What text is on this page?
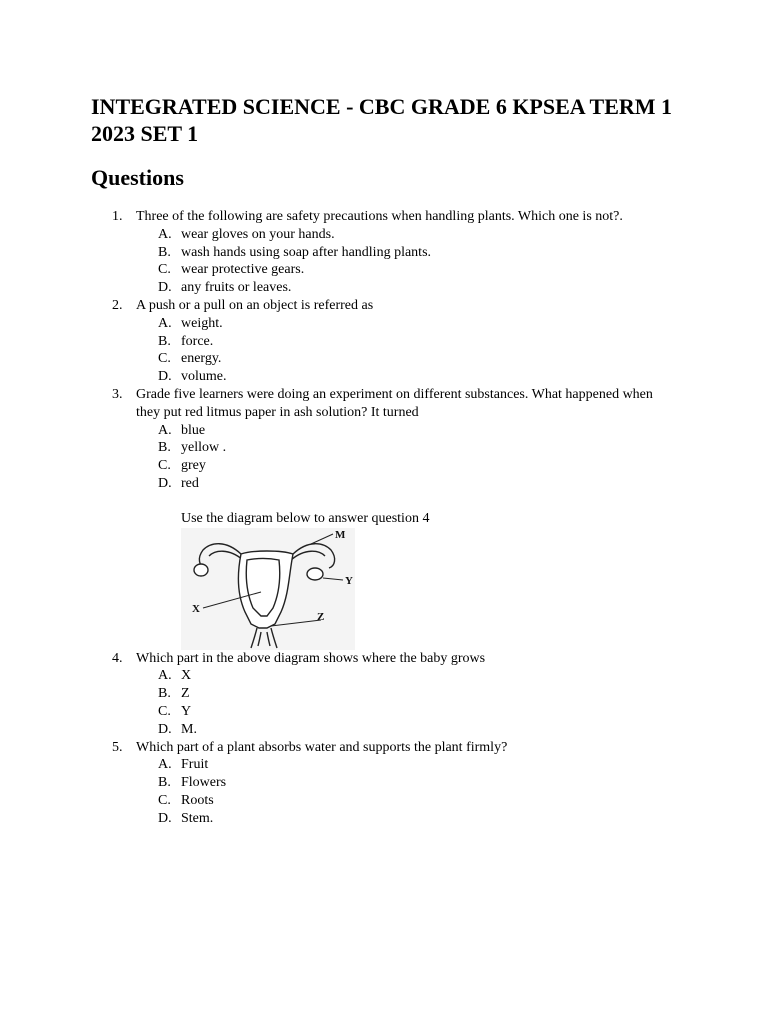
INTEGRATED SCIENCE - CBC GRADE 6 KPSEA TERM 1 2023 SET 1
Questions
1. Three of the following are safety precautions when handling plants. Which one is not?.
A. wear gloves on your hands.
B. wash hands using soap after handling plants.
C. wear protective gears.
D. any fruits or leaves.
2. A push or a pull on an object is referred as
A. weight.
B. force.
C. energy.
D. volume.
3. Grade five learners were doing an experiment on different substances. What happened when they put red litmus paper in ash solution? It turned
A. blue
B. yellow .
C. grey
D. red
Use the diagram below to answer question 4
M
Y
X
Z
4. Which part in the above diagram shows where the baby grows
A. X
B. Z
C. Y
D. M.
5. Which part of a plant absorbs water and supports the plant firmly?
A. Fruit
B. Flowers
C. Roots
D. Stem.
